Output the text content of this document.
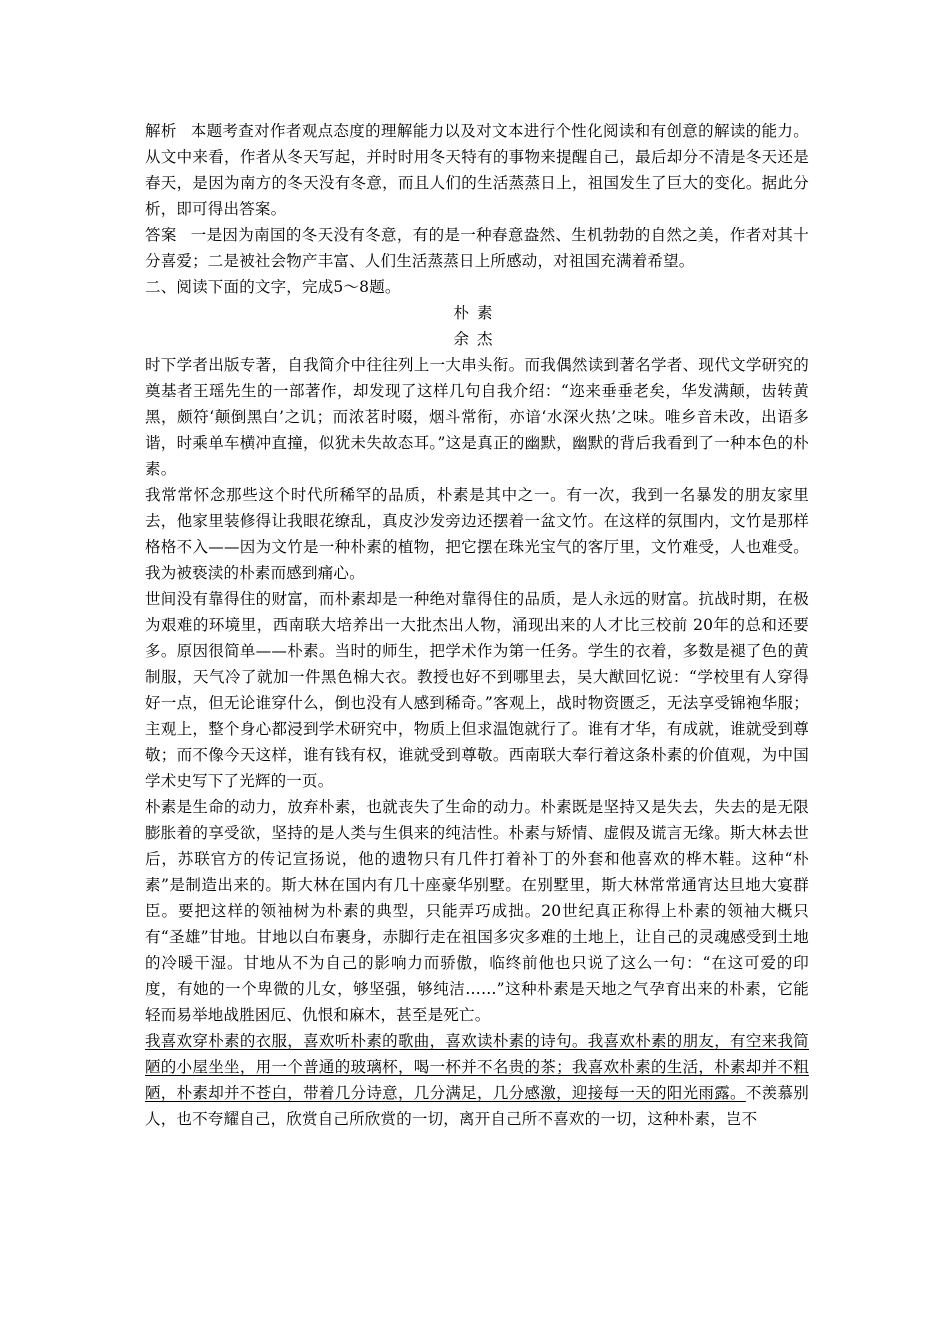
解析 本题考查对作者观点态度的理解能力以及对文本进行个性化阅读和有创意的解读的能力。从文中来看，作者从冬天写起，并时时用冬天特有的事物来提醒自己，最后却分不清是冬天还是春天，是因为南方的冬天没有冬意，而且人们的生活蒸蒸日上，祖国发生了巨大的变化。据此分析，即可得出答案。

答案 一是因为南国的冬天没有冬意，有的是一种春意盎然、生机勃勃的自然之美，作者对其十分喜爱；二是被社会物产丰富、人们生活蒸蒸日上所感动，对祖国充满着希望。

二、阅读下面的文字，完成5～8题。

朴素

余杰

时下学者出版专著，自我简介中往往列上一大串头衔。而我偶然读到著名学者、现代文学研究的奠基者王瑶先生的一部著作，却发现了这样几句自我介绍：“迩来垂垂老矣，华发满颠，齿转黄黑，颇符‘颠倒黑白’之讥；而浓茗时啜，烟斗常衔，亦谙‘水深火热’之味。唯乡音未改，出语多谐，时乘单车横冲直撞，似犹未失故态耳。”这是真正的幽默，幽默的背后我看到了一种本色的朴素。

我常常怀念那些这个时代所稀罕的品质，朴素是其中之一。有一次，我到一名暴发的朋友家里去，他家里装修得让我眼花缭乱，真皮沙发旁边还摆着一盆文竹。在这样的氛围内，文竹是那样格格不入——因为文竹是一种朴素的植物，把它摆在珠光宝气的客厅里，文竹难受，人也难受。我为被亵渎的朴素而感到痛心。

世间没有靠得住的财富，而朴素却是一种绝对靠得住的品质，是人永远的财富。抗战时期，在极为艰难的环境里，西南联大培养出一大批杰出人物，涌现出来的人才比三校前 20年的总和还要多。原因很简单——朴素。当时的师生，把学术作为第一任务。学生的衣着，多数是褪了色的黄制服，天气冷了就加一件黑色棉大衣。教授也好不到哪里去，吴大猷回忆说：“学校里有人穿得好一点，但无论谁穿什么，倒也没有人感到稀奇。”客观上，战时物资匮乏，无法享受锦袍华服；主观上，整个身心都浸到学术研究中，物质上但求温饱就行了。谁有才华，有成就，谁就受到尊敬；而不像今天这样，谁有钱有权，谁就受到尊敬。西南联大奉行着这条朴素的价值观，为中国学术史写下了光辉的一页。

朴素是生命的动力，放弃朴素，也就丧失了生命的动力。朴素既是坚持又是失去，失去的是无限膨胀着的享受欲，坚持的是人类与生俱来的纯洁性。朴素与矫情、虚假及谎言无缘。斯大林去世后，苏联官方的传记宣扬说，他的遗物只有几件打着补丁的外套和他喜欢的桦木鞋。这种“朴素”是制造出来的。斯大林在国内有几十座豪华别墅。在别墅里，斯大林常常通宵达旦地大宴群臣。要把这样的领袖树为朴素的典型，只能弄巧成拙。20世纪真正称得上朴素的领袖大概只有“圣雄”甘地。甘地以白布裹身，赤脚行走在祖国多灾多难的土地上，让自己的灵魂感受到土地的冷暖干湿。甘地从不为自己的影响力而骄傲，临终前他也只说了这么一句：“在这可爱的印度，有她的一个卑微的儿女，够坚强，够纯洁……”这种朴素是天地之气孕育出来的朴素，它能轻而易举地战胜困厄、仇恨和麻木，甚至是死亡。

我喜欢穿朴素的衣服，喜欢听朴素的歌曲，喜欢读朴素的诗句。我喜欢朴素的朋友，有空来我简陋的小屋坐坐，用一个普通的玻璃杯，喝一杯并不名贵的茶；我喜欢朴素的生活，朴素却并不粗陋，朴素却并不苍白，带着几分诗意，几分满足，几分感激，迎接每一天的阳光雨露。不羡慕别人，也不夸耀自己，欣赏自己所欣赏的一切，离开自己所不喜欢的一切，这种朴素，岂不
